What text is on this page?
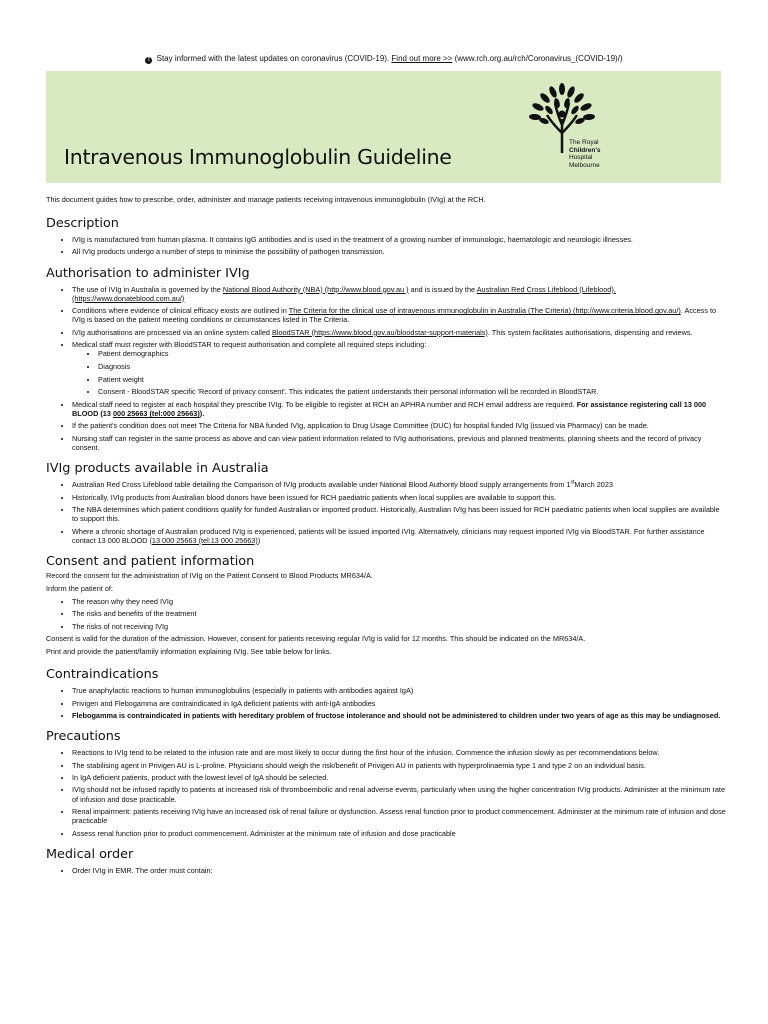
! Stay informed with the latest updates on coronavirus (COVID-19). Find out more >> (www.rch.org.au/rch/Coronavirus_(COVID-19)/)
Intravenous Immunoglobulin Guideline
The Royal
Children's
Hospital
Melbourne

This document guides how to prescribe, order, administer and manage patients receiving intravenous immunoglobulin (IVIg) at the RCH.

Description
• IVIg is manufactured from human plasma. It contains IgG antibodies and is used in the treatment of a growing number of immunologic, haematologic and neurologic illnesses.
• All IVIg products undergo a number of steps to minimise the possibility of pathogen transmission.
Authorisation to administer IVIg
• The use of IVIg in Australia is governed by the National Blood Authority (NBA) (http://www.blood.gov.au ) and is issued by the Australian Red Cross Lifeblood (Lifeblood). (https://www.donateblood.com.au/)
• Conditions where evidence of clinical efficacy exists are outlined in The Criteria for the clinical use of intravenous immunoglobulin in Australia (The Criteria) (http://www.criteria.blood.gov.au/). Access to IVIg is based on the patient meeting conditions or circumstances listed in The Criteria.
• IVIg authorisations are processed via an online system called BloodSTAR (https://www.blood.gov.au/bloodstar-support-materials). This system facilitates authorisations, dispensing and reviews.
• Medical staff must register with BloodSTAR to request authorisation and complete all required steps including:
• Patient demographics
• Diagnosis
• Patient weight
• Consent - BloodSTAR specific 'Record of privacy consent'. This indicates the patient understands their personal information will be recorded in BloodSTAR.
• Medical staff need to register at each hospital they prescribe IVIg. To be eligible to register at RCH an APHRA number and RCH email address are required. For assistance registering call 13 000 BLOOD (13 000 25663 (tel:000 25663)).
• If the patient's condition does not meet The Criteria for NBA funded IVIg, application to Drug Usage Committee (DUC) for hospital funded IVIg (issued via Pharmacy) can be made.
• Nursing staff can register in the same process as above and can view patient information related to IVIg authorisations, previous and planned treatments, planning sheets and the record of privacy consent.
IVIg products available in Australia
• Australian Red Cross Lifeblood table detailing the Comparison of IVIg products available under National Blood Authority blood supply arrangements from 1stMarch 2023
• Historically, IVIg products from Australian blood donors have been issued for RCH paediatric patients when local supplies are available to support this.
• The NBA determines which patient conditions qualify for funded Australian or imported product. Historically, Australian IVIg has been issued for RCH paediatric patients when local supplies are available to support this.
• Where a chronic shortage of Australian produced IVIg is experienced, patients will be issued imported IVIg. Alternatively, clinicians may request imported IVIg via BloodSTAR. For further assistance contact 13 000 BLOOD (13 000 25663 (tel:13 000 25663))
Consent and patient information

Record the consent for the administration of IVIg on the Patient Consent to Blood Products MR634/A.

Inform the patient of:

• The reason why they need IVIg
• The risks and benefits of the treatment
• The risks of not receiving IVIg

Consent is valid for the duration of the admission. However, consent for patients receiving regular IVIg is valid for 12 months. This should be indicated on the MR634/A.

Print and provide the patient/family information explaining IVIg. See table below for links.

Contraindications
• True anaphylactic reactions to human immunoglobulins (especially in patients with antibodies against IgA)
• Privigen and Flebogamma are contraindicated in IgA deficient patients with anti-IgA antibodies
• Flebogamma is contraindicated in patients with hereditary problem of fructose intolerance and should not be administered to children under two years of age as this may be undiagnosed.
Precautions
• Reactions to IVIg tend to be related to the infusion rate and are most likely to occur during the first hour of the infusion. Commence the infusion slowly as per recommendations below.
• The stabilising agent in Privigen AU is L-proline. Physicians should weigh the risk/benefit of Privigen AU in patients with hyperprolinaemia type 1 and type 2 on an individual basis.
• In IgA deficient patients, product with the lowest level of IgA should be selected.
• IVIg should not be infused rapidly to patients at increased risk of thromboembolic and renal adverse events, particularly when using the higher concentration IVIg products. Administer at the minimum rate of infusion and dose practicable.
• Renal impairment: patients receiving IVIg have an increased risk of renal failure or dysfunction. Assess renal function prior to product commencement. Administer at the minimum rate of infusion and dose practicable
• Assess renal function prior to product commencement. Administer at the minimum rate of infusion and dose practicable
Medical order
• Order IVIg in EMR. The order must contain:
